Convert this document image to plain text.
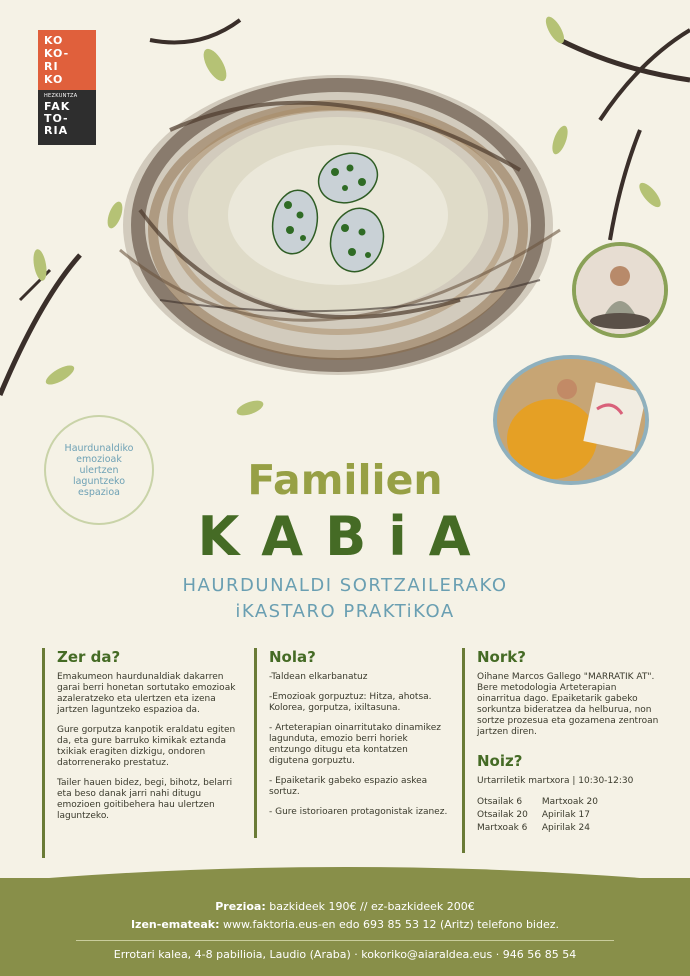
KO
KO-
RI
KO
HEZKUNTZA
FAK
TO-
RIA
Haurdunaldiko
emozioak
ulertzen
laguntzeko
espazioa	Familien
KABiA
HAURDUNALDI SORTZAILERAKO
iKASTARO PRAKTiKOA
Zer da?

Emakumeon haurdunaldiak dakarren garai berri honetan sortutako emozioak azaleratzeko eta ulertzen eta izena jartzen laguntzeko espazioa da.

Gure gorputza kanpotik eraldatu egiten da, eta gure barruko kimikak eztanda txikiak eragiten dizkigu, ondoren datorrenerako prestatuz.

Tailer hauen bidez, begi, bihotz, belarri eta beso danak jarri nahi ditugu emozioen goitibehera hau ulertzen laguntzeko.

Nola?

-Taldean elkarbanatuz

-Emozioak gorpuztuz: Hitza, ahotsa. Kolorea, gorputza, ixiltasuna.

- Arteterapian oinarritutako dinamikez lagunduta, emozio berri horiek entzungo ditugu eta kontatzen digutena gorpuztu.

- Epaiketarik gabeko espazio askea sortuz.

- Gure istorioaren protagonistak izanez.

Nork?

Oihane Marcos Gallego "MARRATIK AT". Bere metodologia Arteterapian oinarritua dago. Epaiketarik gabeko sorkuntza bideratzea da helburua, non sortze prozesua eta gozamena zentroan jartzen diren.

Noiz?

Urtarriletik martxora | 10:30-12:30

Otsailak 6
Otsailak 20
Martxoak 6
Martxoak 20
Apirilak 17
Apirilak 24
Prezioa: bazkideek 190€ // ez-bazkideek 200€
Izen-emateak: www.faktoria.eus-en edo 693 85 53 12 (Aritz) telefono bidez.
Errotari kalea, 4-8 pabilioia, Laudio (Araba) · kokoriko@aiaraldea.eus · 946 56 85 54
